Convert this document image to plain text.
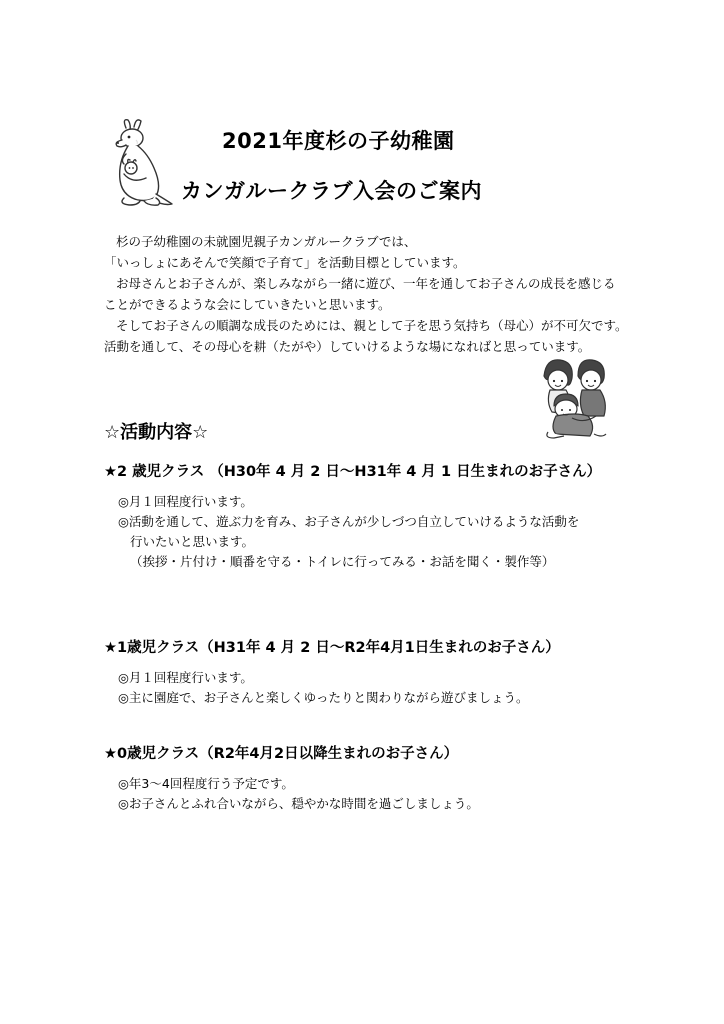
2021年度杉の子幼稚園
カンガルークラブ入会のご案内
杉の子幼稚園の未就園児親子カンガルークラブでは、
「いっしょにあそんで笑顔で子育て」を活動目標としています。
お母さんとお子さんが、楽しみながら一緒に遊び、一年を通してお子さんの成長を感じる
ことができるような会にしていきたいと思います。
そしてお子さんの順調な成長のためには、親として子を思う気持ち（母心）が不可欠です。
活動を通して、その母心を耕（たがや）していけるような場になればと思っています。
☆活動内容☆
★2 歳児クラス （H30年 4 月 2 日～H31年 4 月 1 日生まれのお子さん）
◎月１回程度行います。
◎活動を通して、遊ぶ力を育み、お子さんが少しづつ自立していけるような活動を
行いたいと思います。
（挨拶・片付け・順番を守る・トイレに行ってみる・お話を聞く・製作等）
★1歳児クラス（H31年 4 月 2 日～R2年4月1日生まれのお子さん）
◎月１回程度行います。
◎主に園庭で、お子さんと楽しくゆったりと関わりながら遊びましょう。
★0歳児クラス（R2年4月2日以降生まれのお子さん）
◎年3～4回程度行う予定です。
◎お子さんとふれ合いながら、穏やかな時間を過ごしましょう。
